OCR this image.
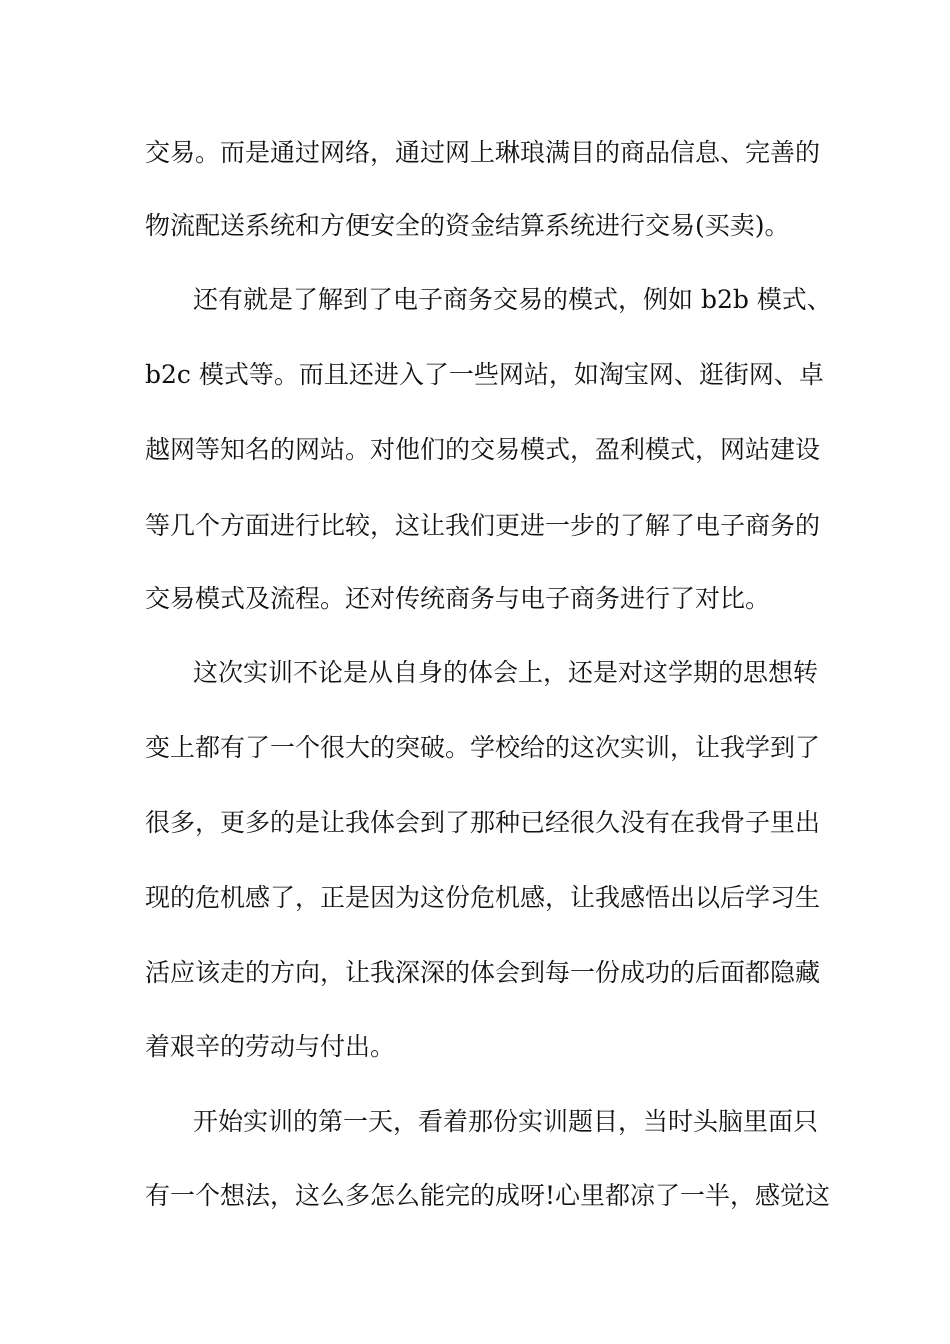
交易。而是通过网络，通过网上琳琅满目的商品信息、完善的
物流配送系统和方便安全的资金结算系统进行交易(买卖)。
还有就是了解到了电子商务交易的模式，例如 b2b 模式、
b2c 模式等。而且还进入了一些网站，如淘宝网、逛街网、卓
越网等知名的网站。对他们的交易模式，盈利模式，网站建设
等几个方面进行比较，这让我们更进一步的了解了电子商务的
交易模式及流程。还对传统商务与电子商务进行了对比。
这次实训不论是从自身的体会上，还是对这学期的思想转
变上都有了一个很大的突破。学校给的这次实训，让我学到了
很多，更多的是让我体会到了那种已经很久没有在我骨子里出
现的危机感了，正是因为这份危机感，让我感悟出以后学习生
活应该走的方向，让我深深的体会到每一份成功的后面都隐藏
着艰辛的劳动与付出。
开始实训的第一天，看着那份实训题目，当时头脑里面只
有一个想法，这么多怎么能完的成呀!心里都凉了一半，感觉这
